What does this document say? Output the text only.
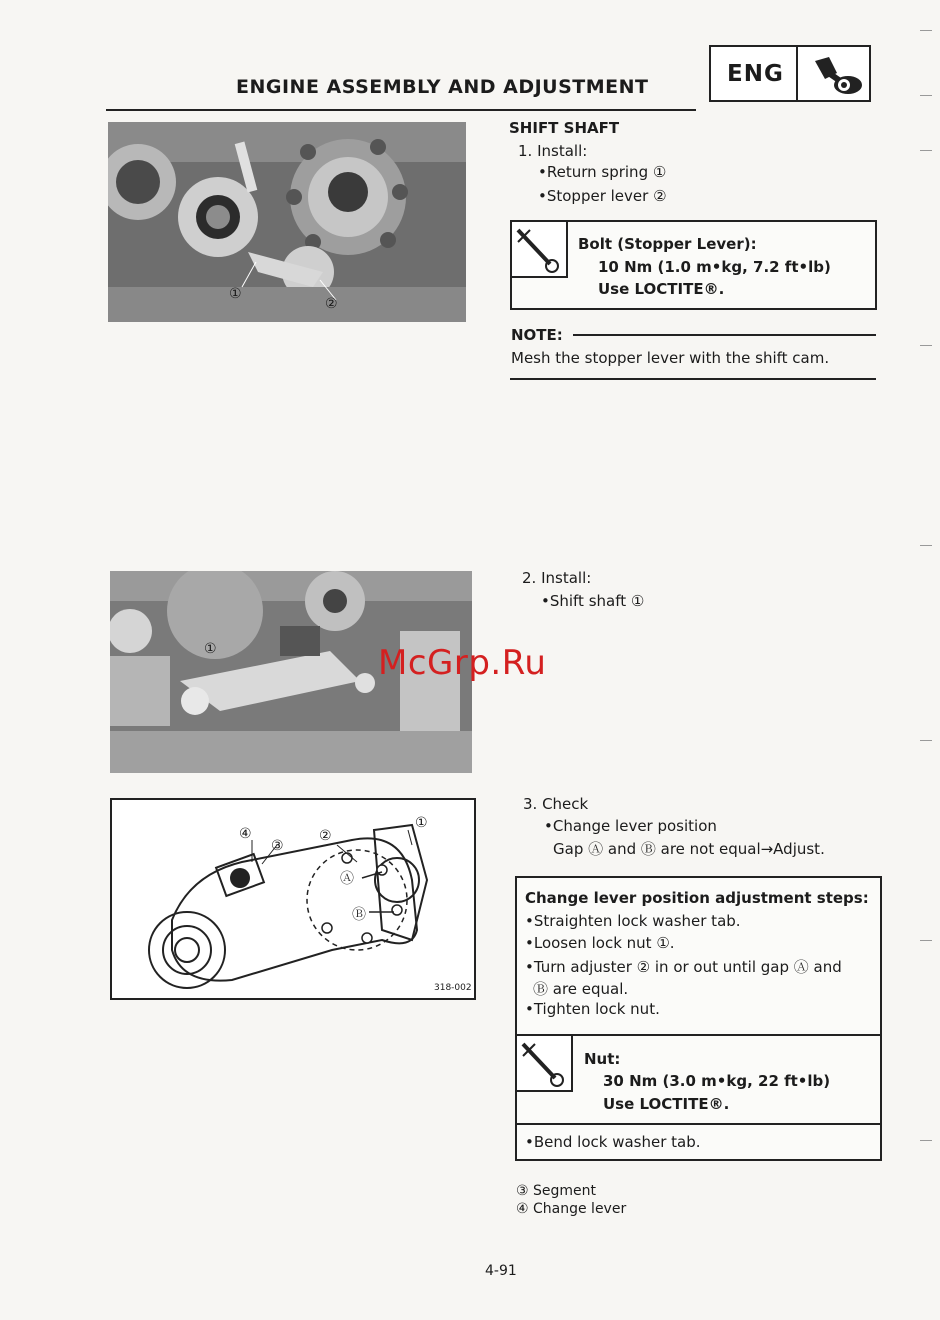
ENGINE ASSEMBLY AND ADJUSTMENT	ENG
①
②
SHIFT SHAFT
1. Install:
•Return spring ①
•Stopper lever ②
Bolt (Stopper Lever):
10 Nm (1.0 m•kg, 7.2 ft•lb)
Use LOCTITE®.
NOTE:
Mesh the stopper lever with the shift cam.
①
2. Install:
•Shift shaft ①
McGrp.Ru
④
③
②
①
Ⓐ
Ⓑ
318-002
3. Check
•Change lever position
Gap Ⓐ and Ⓑ are not equal→Adjust.
Change lever position adjustment steps:
•Straighten lock washer tab.
•Loosen lock nut ①.
•Turn adjuster ② in or out until gap Ⓐ and
Ⓑ are equal.
•Tighten lock nut.
Nut:
30 Nm (3.0 m•kg, 22 ft•lb)
Use LOCTITE®.
•Bend lock washer tab.
③ Segment
④ Change lever
4-91
